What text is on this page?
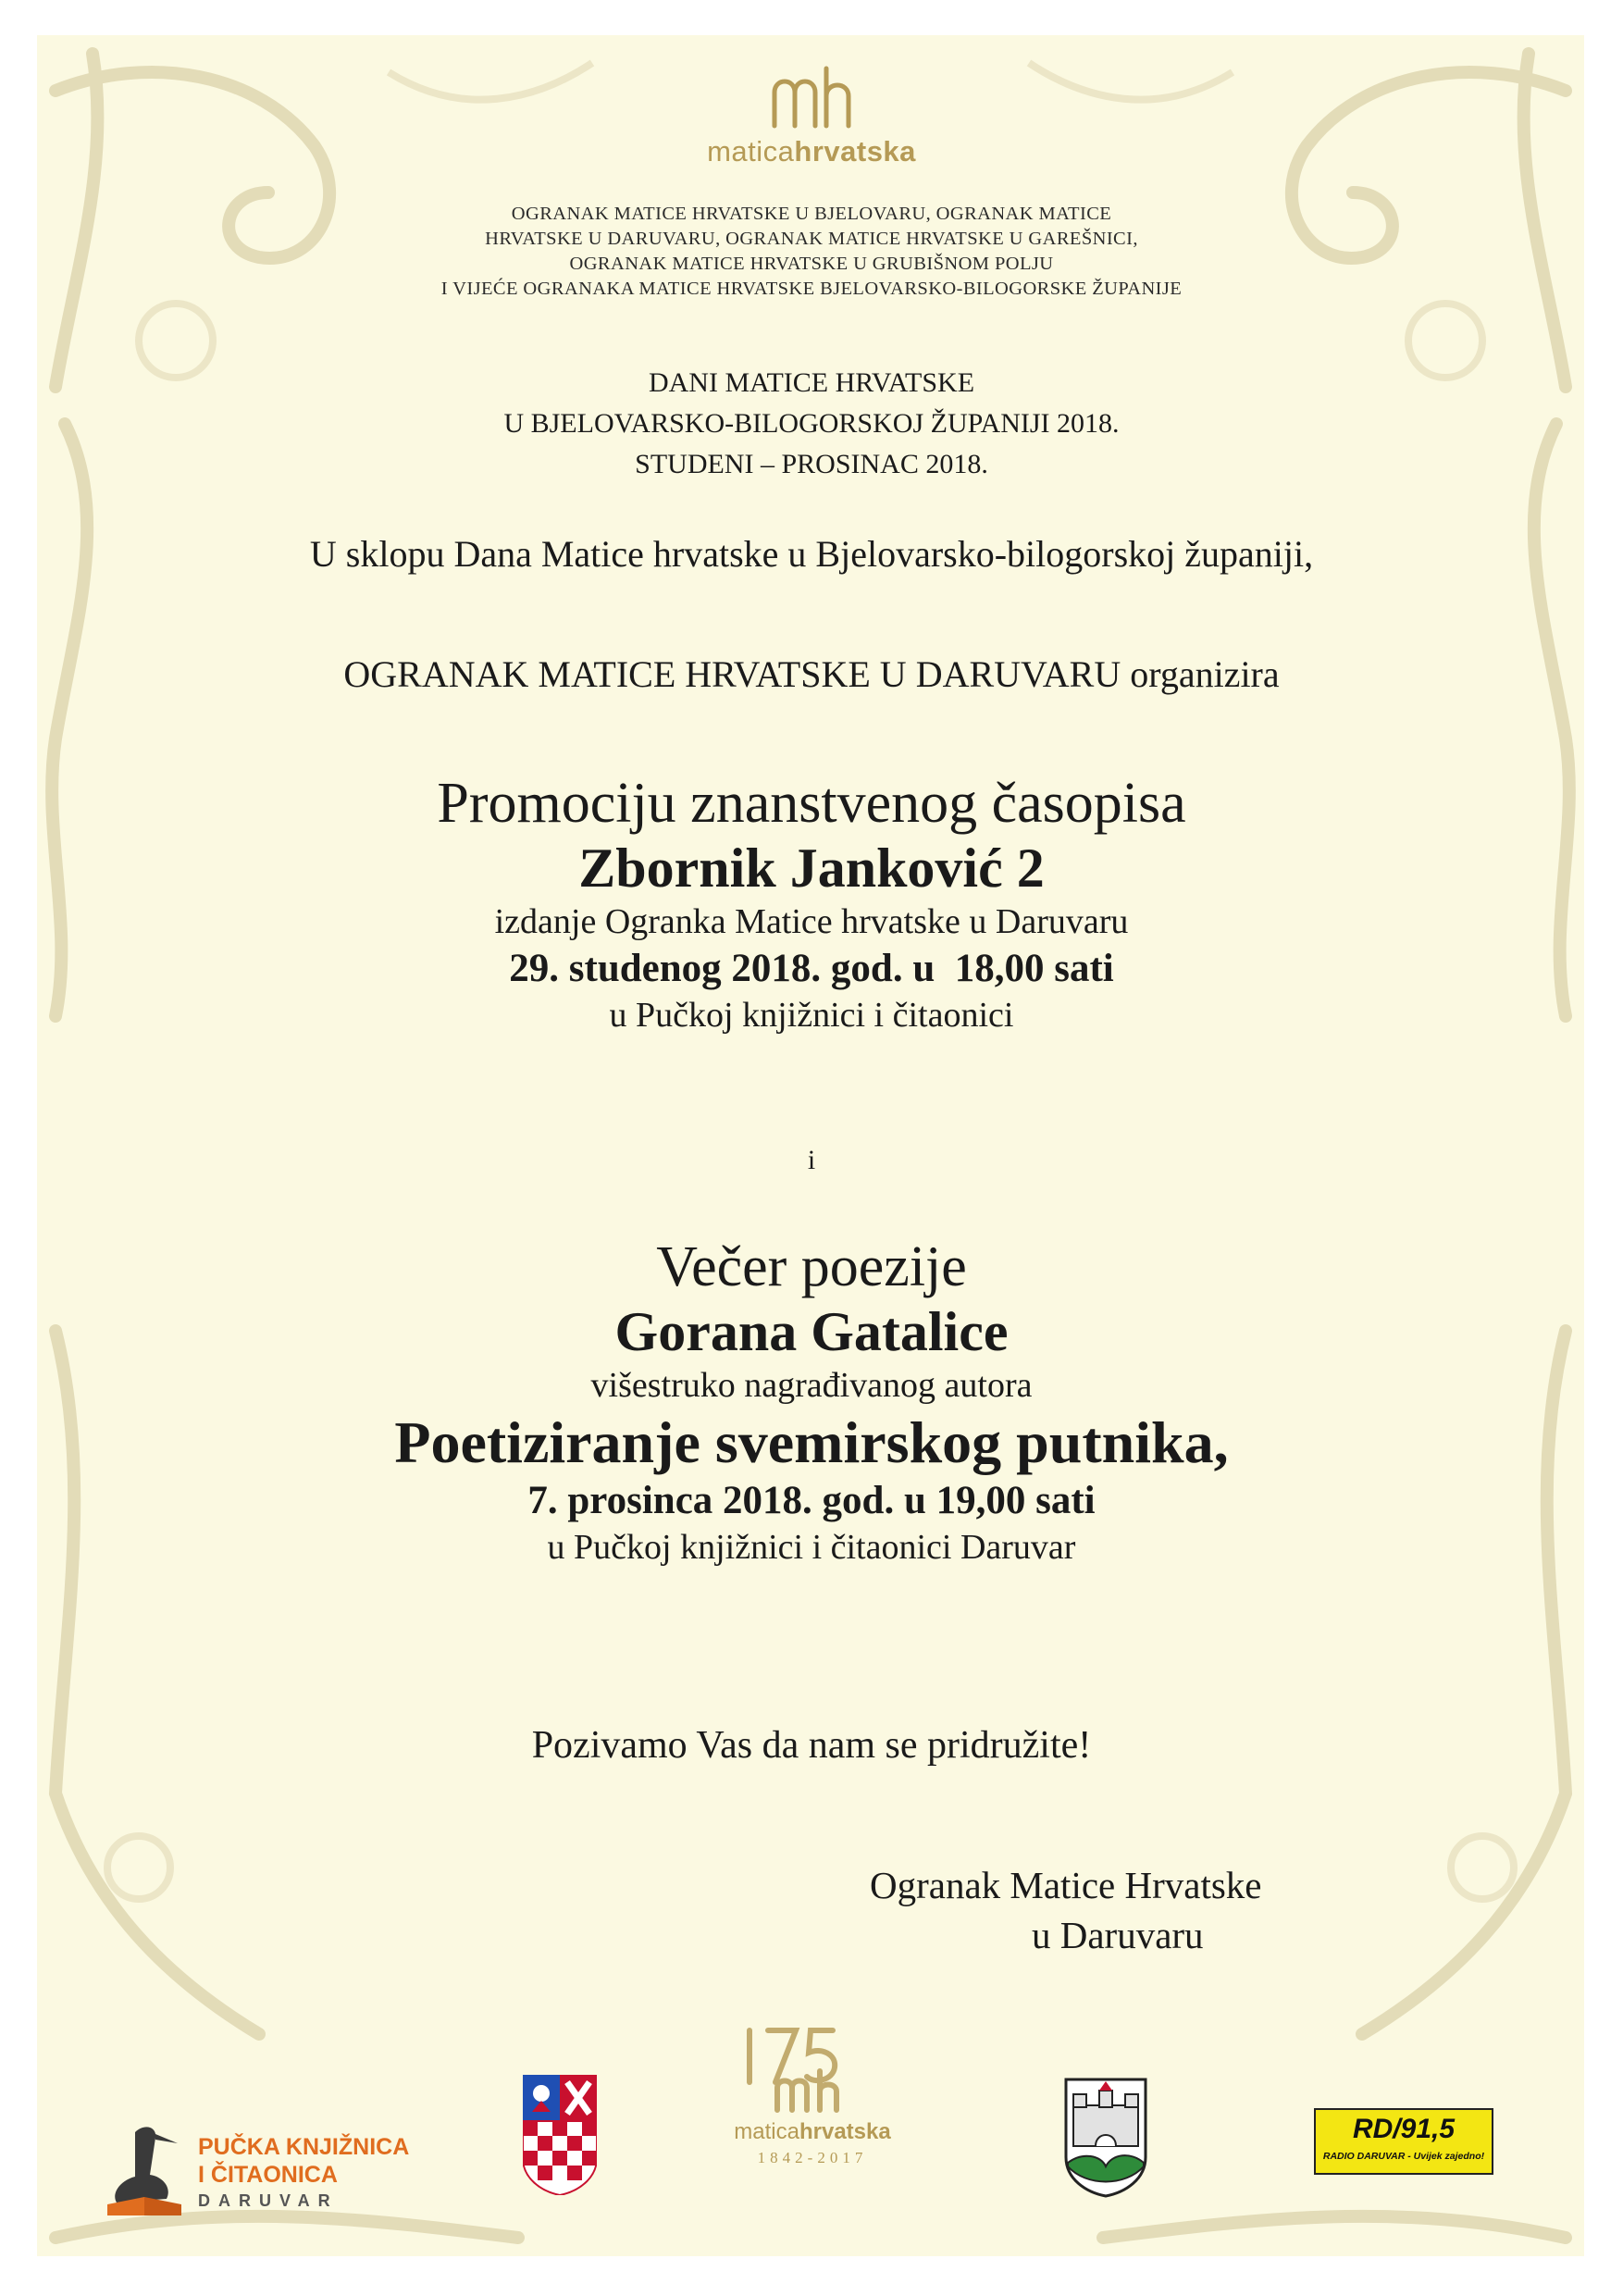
maticahrvatska
OGRANAK MATICE HRVATSKE U BJELOVARU, OGRANAK MATICE
HRVATSKE U DARUVARU, OGRANAK MATICE HRVATSKE U GAREŠNICI,
OGRANAK MATICE HRVATSKE U GRUBIŠNOM POLJU
I VIJEĆE OGRANAKA MATICE HRVATSKE BJELOVARSKO-BILOGORSKE ŽUPANIJE
DANI MATICE HRVATSKE
U BJELOVARSKO-BILOGORSKOJ ŽUPANIJI 2018.
STUDENI – PROSINAC 2018.
U sklopu Dana Matice hrvatske u Bjelovarsko-bilogorskoj županiji,
OGRANAK MATICE HRVATSKE U DARUVARU organizira
Promociju znanstvenog časopisa
Zbornik Janković 2
izdanje Ogranka Matice hrvatske u Daruvaru
29. studenog 2018. god. u  18,00 sati
u Pučkoj knjižnici i čitaonici
i
Večer poezije
Gorana Gatalice
višestruko nagrađivanog autora
Poetiziranje svemirskog putnika,
7. prosinca 2018. god. u 19,00 sati
u Pučkoj knjižnici i čitaonici Daruvar
Pozivamo Vas da nam se pridružite!
Ogranak Matice Hrvatske
u Daruvaru
PUČKA KNJIŽNICA
I ČITAONICA
DARUVAR
maticahrvatska
1842-2017
RD/91,5
RADIO DARUVAR - Uvijek zajedno!
